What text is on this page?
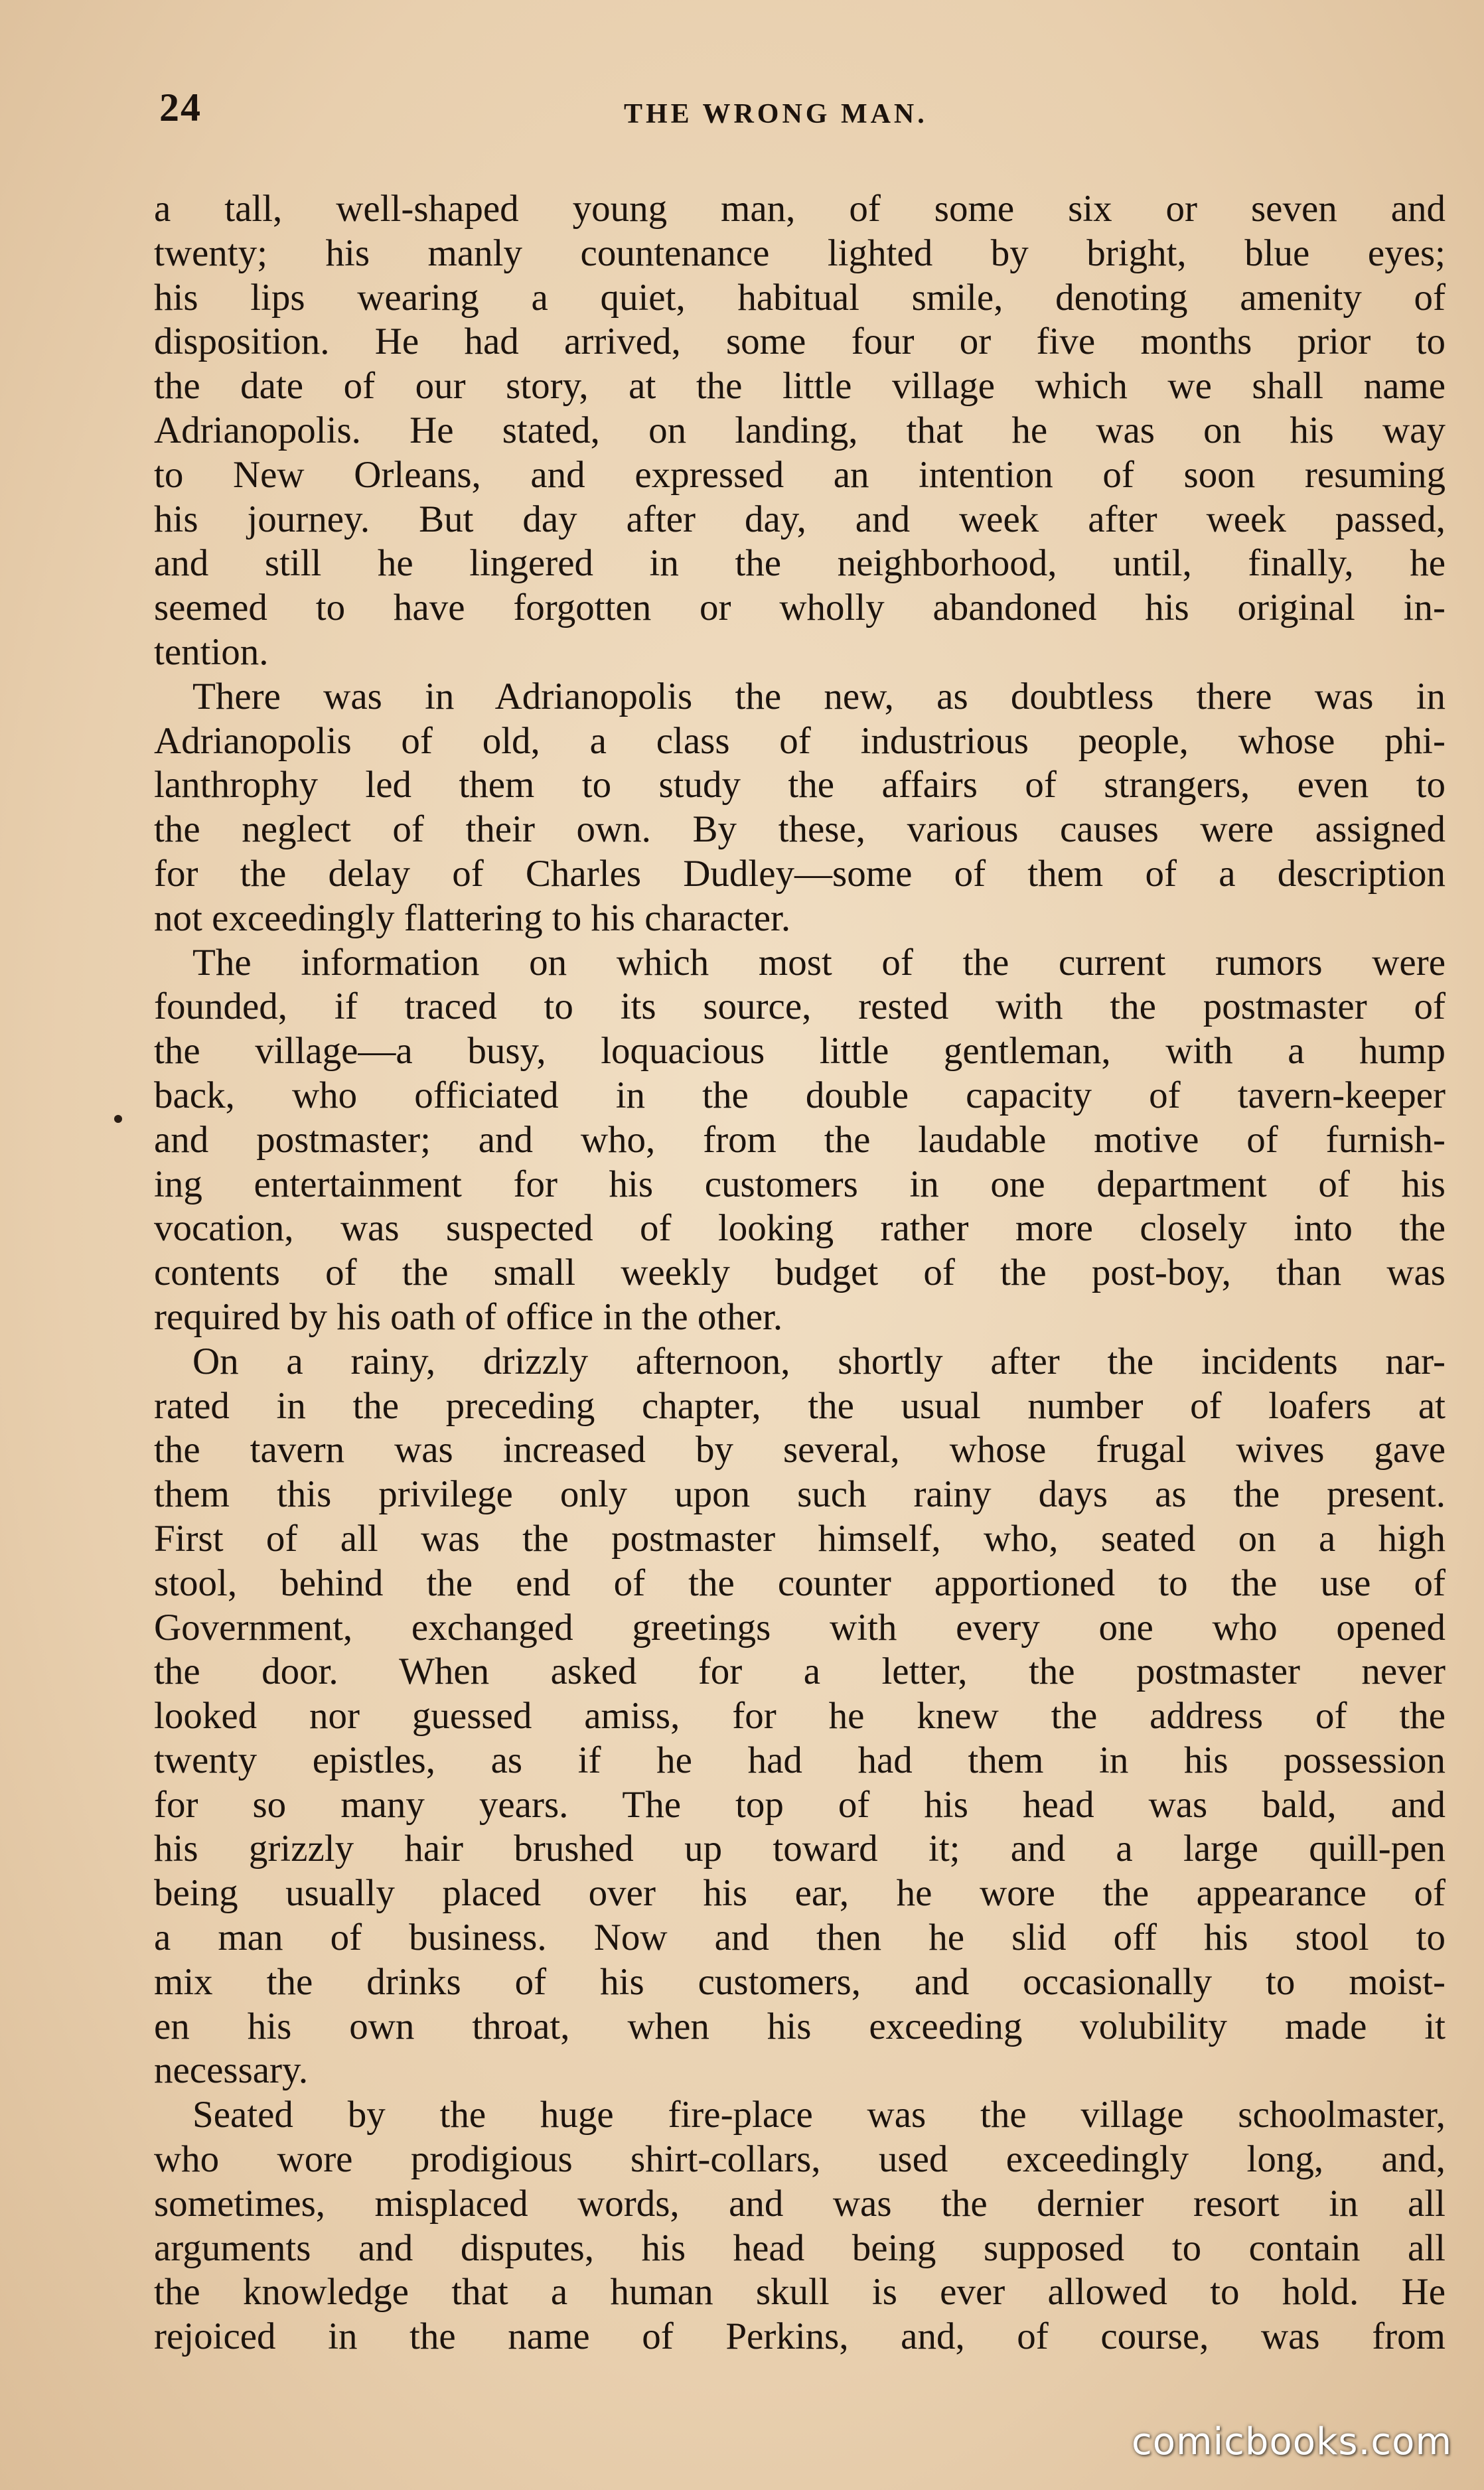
24	THE WRONG MAN.
a tall, well-shaped young man, of some six or seven and
twenty; his manly countenance lighted by bright, blue eyes;
his lips wearing a quiet, habitual smile, denoting amenity of
disposition. He had arrived, some four or five months prior to
the date of our story, at the little village which we shall name
Adrianopolis. He stated, on landing, that he was on his way
to New Orleans, and expressed an intention of soon resuming
his journey. But day after day, and week after week passed,
and still he lingered in the neighborhood, until, finally, he
seemed to have forgotten or wholly abandoned his original in-
tention.
There was in Adrianopolis the new, as doubtless there was in
Adrianopolis of old, a class of industrious people, whose phi-
lanthrophy led them to study the affairs of strangers, even to
the neglect of their own. By these, various causes were assigned
for the delay of Charles Dudley—some of them of a description
not exceedingly flattering to his character.
The information on which most of the current rumors were
founded, if traced to its source, rested with the postmaster of
the village—a busy, loquacious little gentleman, with a hump
back, who officiated in the double capacity of tavern-keeper
and postmaster; and who, from the laudable motive of furnish-
ing entertainment for his customers in one department of his
vocation, was suspected of looking rather more closely into the
contents of the small weekly budget of the post-boy, than was
required by his oath of office in the other.
On a rainy, drizzly afternoon, shortly after the incidents nar-
rated in the preceding chapter, the usual number of loafers at
the tavern was increased by several, whose frugal wives gave
them this privilege only upon such rainy days as the present.
First of all was the postmaster himself, who, seated on a high
stool, behind the end of the counter apportioned to the use of
Government, exchanged greetings with every one who opened
the door. When asked for a letter, the postmaster never
looked nor guessed amiss, for he knew the address of the
twenty epistles, as if he had had them in his possession
for so many years. The top of his head was bald, and
his grizzly hair brushed up toward it; and a large quill-pen
being usually placed over his ear, he wore the appearance of
a man of business. Now and then he slid off his stool to
mix the drinks of his customers, and occasionally to moist-
en his own throat, when his exceeding volubility made it
necessary.
Seated by the huge fire-place was the village schoolmaster,
who wore prodigious shirt-collars, used exceedingly long, and,
sometimes, misplaced words, and was the dernier resort in all
arguments and disputes, his head being supposed to contain all
the knowledge that a human skull is ever allowed to hold. He
rejoiced in the name of Perkins, and, of course, was from
comicbooks.com
